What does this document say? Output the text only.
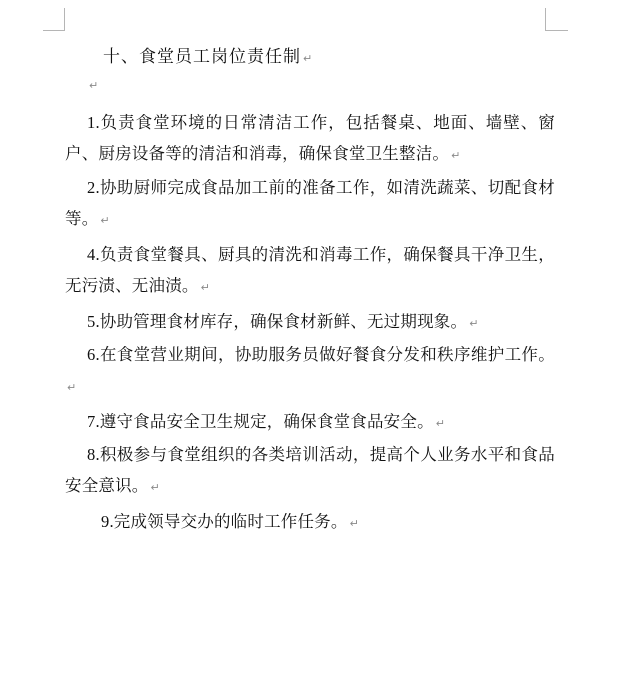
十、食堂员工岗位责任制 ↵
↵
1.负责食堂环境的日常清洁工作，包括餐桌、地面、墙壁、窗户、厨房设备等的清洁和消毒，确保食堂卫生整洁。 ↵
2.协助厨师完成食品加工前的准备工作，如清洗蔬菜、切配食材等。 ↵
4.负责食堂餐具、厨具的清洗和消毒工作，确保餐具干净卫生，无污渍、无油渍。 ↵
5.协助管理食材库存，确保食材新鲜、无过期现象。 ↵
6.在食堂营业期间，协助服务员做好餐食分发和秩序维护工作。↵
7.遵守食品安全卫生规定，确保食堂食品安全。 ↵
8.积极参与食堂组织的各类培训活动，提高个人业务水平和食品安全意识。 ↵
9.完成领导交办的临时工作任务。 ↵
